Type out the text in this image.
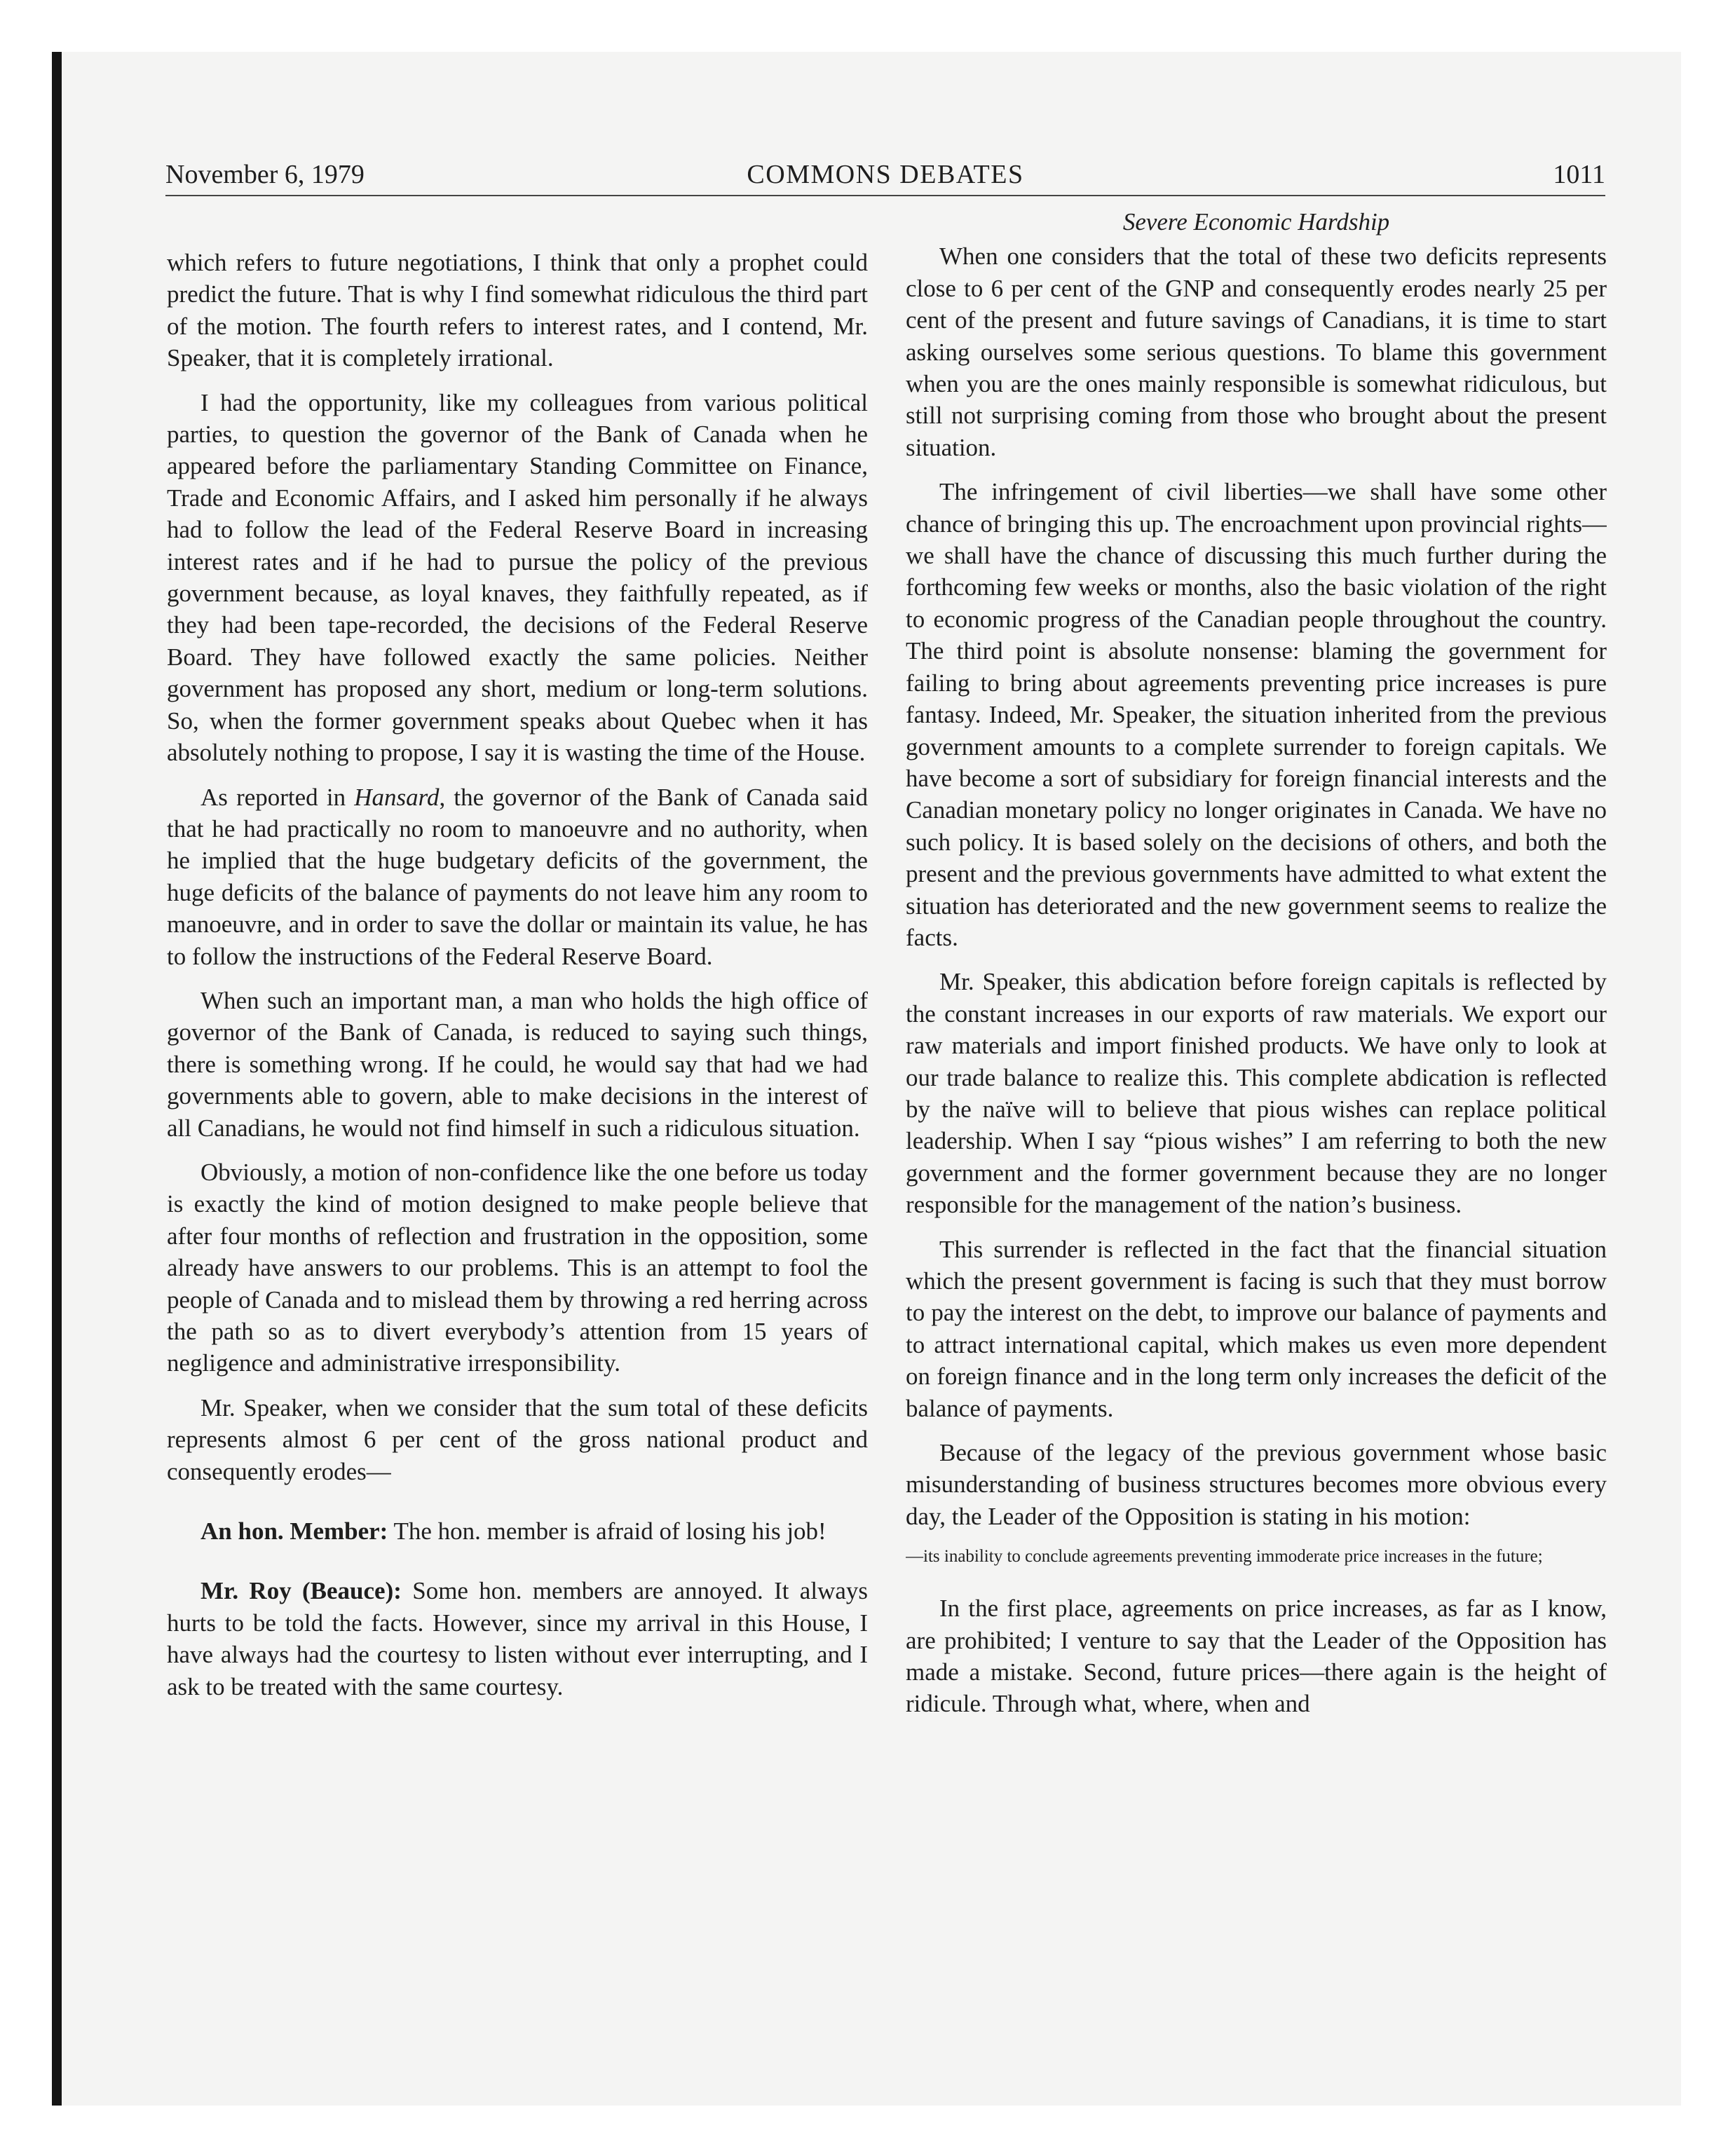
November 6, 1979	COMMONS DEBATES	1011

which refers to future negotiations, I think that only a prophet could predict the future. That is why I find somewhat ridiculous the third part of the motion. The fourth refers to interest rates, and I contend, Mr. Speaker, that it is completely irrational.

I had the opportunity, like my colleagues from various political parties, to question the governor of the Bank of Canada when he appeared before the parliamentary Standing Committee on Finance, Trade and Economic Affairs, and I asked him personally if he always had to follow the lead of the Federal Reserve Board in increasing interest rates and if he had to pursue the policy of the previous government because, as loyal knaves, they faithfully repeated, as if they had been tape-recorded, the decisions of the Federal Reserve Board. They have followed exactly the same policies. Neither government has proposed any short, medium or long-term solutions. So, when the former government speaks about Quebec when it has absolutely nothing to propose, I say it is wasting the time of the House.

As reported in Hansard, the governor of the Bank of Canada said that he had practically no room to manoeuvre and no authority, when he implied that the huge budgetary deficits of the government, the huge deficits of the balance of payments do not leave him any room to manoeuvre, and in order to save the dollar or maintain its value, he has to follow the instructions of the Federal Reserve Board.

When such an important man, a man who holds the high office of governor of the Bank of Canada, is reduced to saying such things, there is something wrong. If he could, he would say that had we had governments able to govern, able to make decisions in the interest of all Canadians, he would not find himself in such a ridiculous situation.

Obviously, a motion of non-confidence like the one before us today is exactly the kind of motion designed to make people believe that after four months of reflection and frustration in the opposition, some already have answers to our problems. This is an attempt to fool the people of Canada and to mislead them by throwing a red herring across the path so as to divert everybody’s attention from 15 years of negligence and administrative irresponsibility.

Mr. Speaker, when we consider that the sum total of these deficits represents almost 6 per cent of the gross national product and consequently erodes—

An hon. Member: The hon. member is afraid of losing his job!

Mr. Roy (Beauce): Some hon. members are annoyed. It always hurts to be told the facts. However, since my arrival in this House, I have always had the courtesy to listen without ever interrupting, and I ask to be treated with the same courtesy.

Severe Economic Hardship

When one considers that the total of these two deficits represents close to 6 per cent of the GNP and consequently erodes nearly 25 per cent of the present and future savings of Canadians, it is time to start asking ourselves some serious questions. To blame this government when you are the ones mainly responsible is somewhat ridiculous, but still not surprising coming from those who brought about the present situation.

The infringement of civil liberties—we shall have some other chance of bringing this up. The encroachment upon provincial rights—we shall have the chance of discussing this much further during the forthcoming few weeks or months, also the basic violation of the right to economic progress of the Canadian people throughout the country. The third point is absolute nonsense: blaming the government for failing to bring about agreements preventing price increases is pure fantasy. Indeed, Mr. Speaker, the situation inherited from the previous government amounts to a complete surrender to foreign capitals. We have become a sort of subsidiary for foreign financial interests and the Canadian monetary policy no longer originates in Canada. We have no such policy. It is based solely on the decisions of others, and both the present and the previous governments have admitted to what extent the situation has deteriorated and the new government seems to realize the facts.

Mr. Speaker, this abdication before foreign capitals is reflected by the constant increases in our exports of raw materials. We export our raw materials and import finished products. We have only to look at our trade balance to realize this. This complete abdication is reflected by the naïve will to believe that pious wishes can replace political leadership. When I say “pious wishes” I am referring to both the new government and the former government because they are no longer responsible for the management of the nation’s business.

This surrender is reflected in the fact that the financial situation which the present government is facing is such that they must borrow to pay the interest on the debt, to improve our balance of payments and to attract international capital, which makes us even more dependent on foreign finance and in the long term only increases the deficit of the balance of payments.

Because of the legacy of the previous government whose basic misunderstanding of business structures becomes more obvious every day, the Leader of the Opposition is stating in his motion:

—its inability to conclude agreements preventing immoderate price increases in the future;

In the first place, agreements on price increases, as far as I know, are prohibited; I venture to say that the Leader of the Opposition has made a mistake. Second, future prices—there again is the height of ridicule. Through what, where, when and
